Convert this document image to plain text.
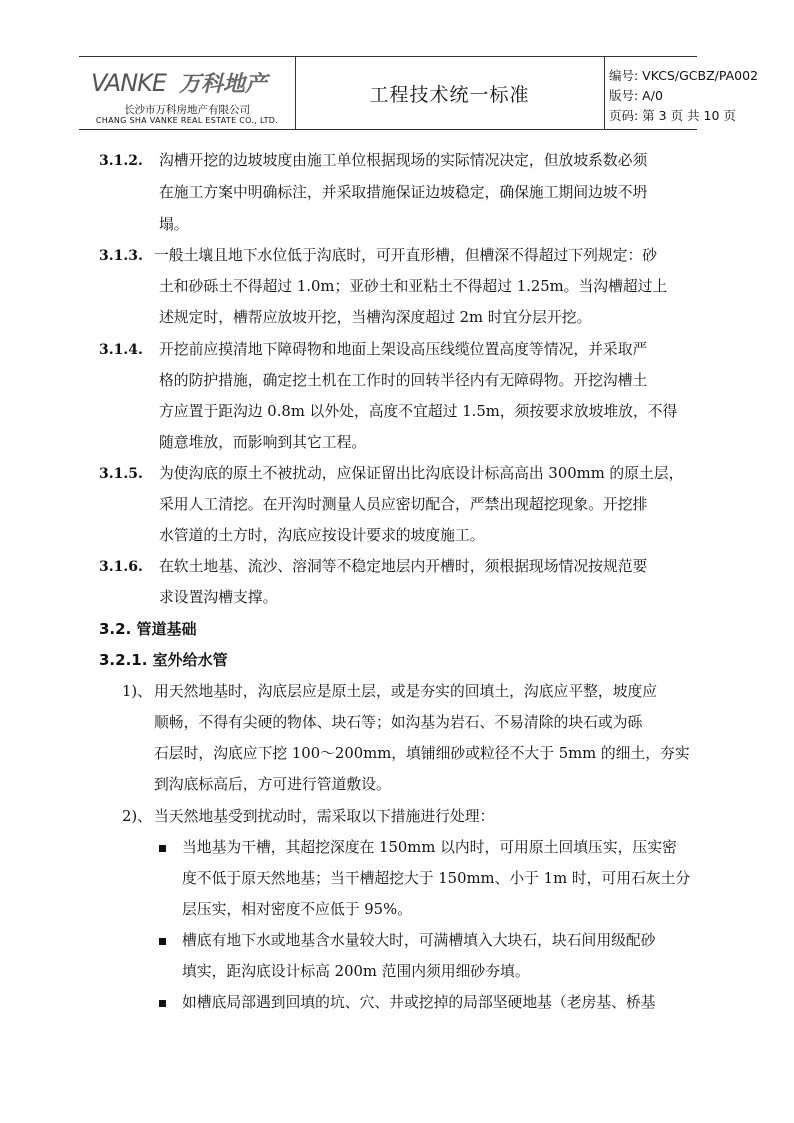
VANKE 万科地产
长沙市万科房地产有限公司
CHANG SHA VANKE REAL ESTATE CO., LTD.
工程技术统一标准
编号: VKCS/GCBZ/PA002
版号: A/0
页码: 第 3 页 共 10 页
3.1.2. 沟槽开挖的边坡坡度由施工单位根据现场的实际情况决定，但放坡系数必须
在施工方案中明确标注，并采取措施保证边坡稳定，确保施工期间边坡不坍
塌。
3.1.3. 一般土壤且地下水位低于沟底时，可开直形槽，但槽深不得超过下列规定：砂
土和砂砾土不得超过 1.0m；亚砂土和亚粘土不得超过 1.25m。当沟槽超过上
述规定时，槽帮应放坡开挖，当槽沟深度超过 2m 时宜分层开挖。
3.1.4. 开挖前应摸清地下障碍物和地面上架设高压线缆位置高度等情况，并采取严
格的防护措施，确定挖土机在工作时的回转半径内有无障碍物。开挖沟槽土
方应置于距沟边 0.8m 以外处，高度不宜超过 1.5m，须按要求放坡堆放，不得
随意堆放，而影响到其它工程。
3.1.5. 为使沟底的原土不被扰动，应保证留出比沟底设计标高高出 300mm 的原土层，
采用人工清挖。在开沟时测量人员应密切配合，严禁出现超挖现象。开挖排
水管道的土方时，沟底应按设计要求的坡度施工。
3.1.6. 在软土地基、流沙、溶洞等不稳定地层内开槽时，须根据现场情况按规范要
求设置沟槽支撑。
3.2. 管道基础
3.2.1. 室外给水管
1)、 用天然地基时，沟底层应是原土层，或是夯实的回填土，沟底应平整，坡度应
顺畅，不得有尖硬的物体、块石等；如沟基为岩石、不易清除的块石或为砾
石层时，沟底应下挖 100～200mm，填铺细砂或粒径不大于 5mm 的细土，夯实
到沟底标高后，方可进行管道敷设。
2)、 当天然地基受到扰动时，需采取以下措施进行处理：
当地基为干槽，其超挖深度在 150mm 以内时，可用原土回填压实，压实密
度不低于原天然地基；当干槽超挖大于 150mm、小于 1m 时，可用石灰土分
层压实，相对密度不应低于 95%。
槽底有地下水或地基含水量较大时，可满槽填入大块石，块石间用级配砂
填实，距沟底设计标高 200m 范围内须用细砂夯填。
如槽底局部遇到回填的坑、穴、井或挖掉的局部坚硬地基（老房基、桥基
